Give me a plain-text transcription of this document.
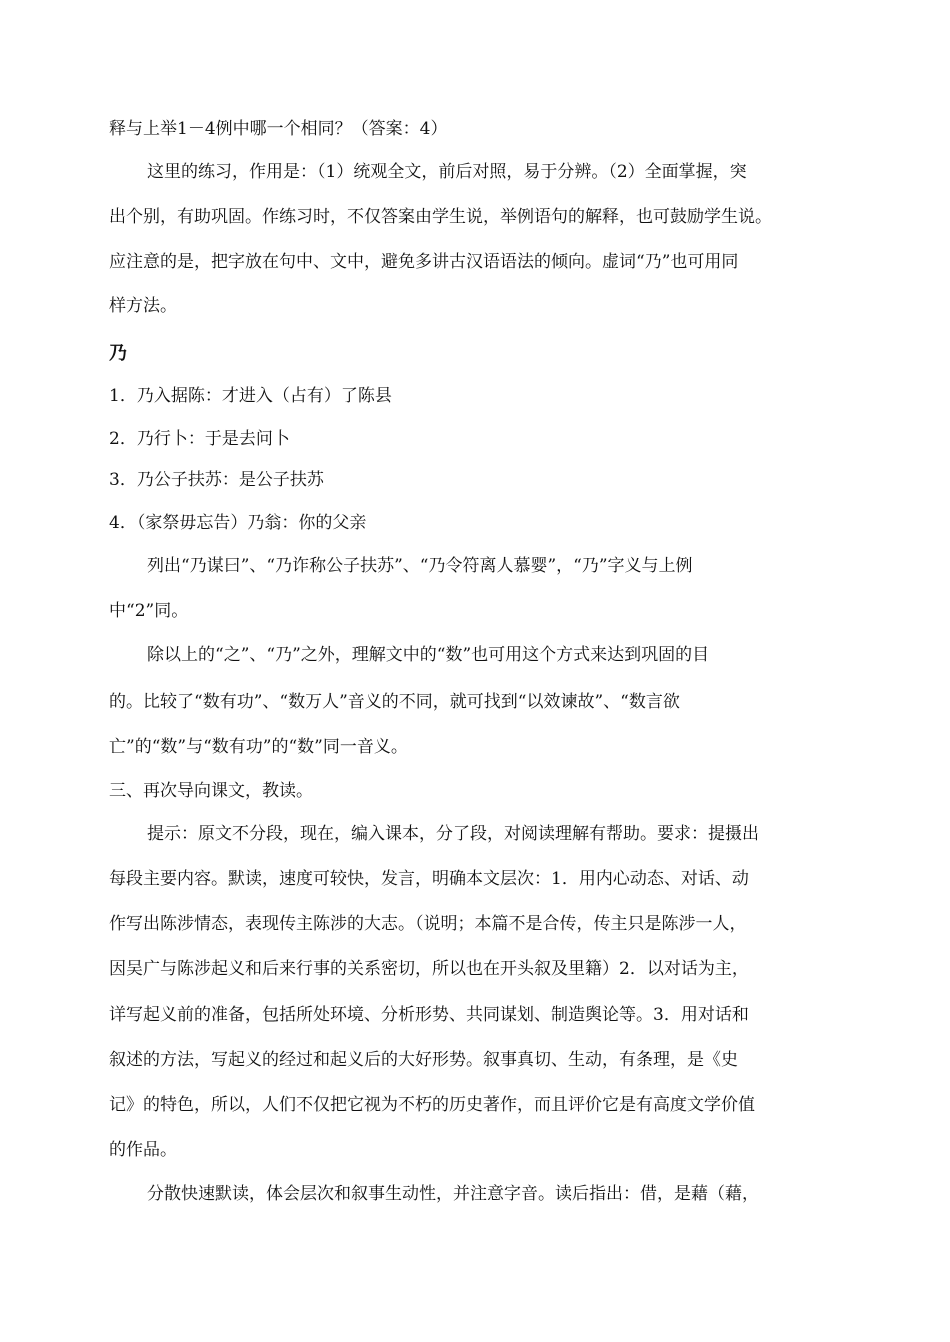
释与上举1－4例中哪一个相同？（答案：4）
这里的练习，作用是：（1）统观全文，前后对照，易于分辨。（2）全面掌握，突
出个别，有助巩固。作练习时，不仅答案由学生说，举例语句的解释，也可鼓励学生说。
应注意的是，把字放在句中、文中，避免多讲古汉语语法的倾向。虚词“乃”也可用同
样方法。
乃
1．乃入据陈：才进入（占有）了陈县
2．乃行卜：于是去问卜
3．乃公子扶苏：是公子扶苏
4．（家祭毋忘告）乃翁：你的父亲
列出“乃谋曰”、“乃诈称公子扶苏”、“乃令符离人慕婴”，“乃”字义与上例
中“2”同。
除以上的“之”、“乃”之外，理解文中的“数”也可用这个方式来达到巩固的目
的。比较了“数有功”、“数万人”音义的不同，就可找到“以效谏故”、“数言欲
亡”的“数”与“数有功”的“数”同一音义。
三、再次导向课文，教读。
提示：原文不分段，现在，编入课本，分了段，对阅读理解有帮助。要求：提摄出
每段主要内容。默读，速度可较快，发言，明确本文层次：1．用内心动态、对话、动
作写出陈涉情态，表现传主陈涉的大志。（说明；本篇不是合传，传主只是陈涉一人，
因吴广与陈涉起义和后来行事的关系密切，所以也在开头叙及里籍）2．以对话为主，
详写起义前的准备，包括所处环境、分析形势、共同谋划、制造舆论等。3．用对话和
叙述的方法，写起义的经过和起义后的大好形势。叙事真切、生动，有条理，是《史
记》的特色，所以，人们不仅把它视为不朽的历史著作，而且评价它是有高度文学价值
的作品。
分散快速默读，体会层次和叙事生动性，并注意字音。读后指出：借，是藉（藉，
